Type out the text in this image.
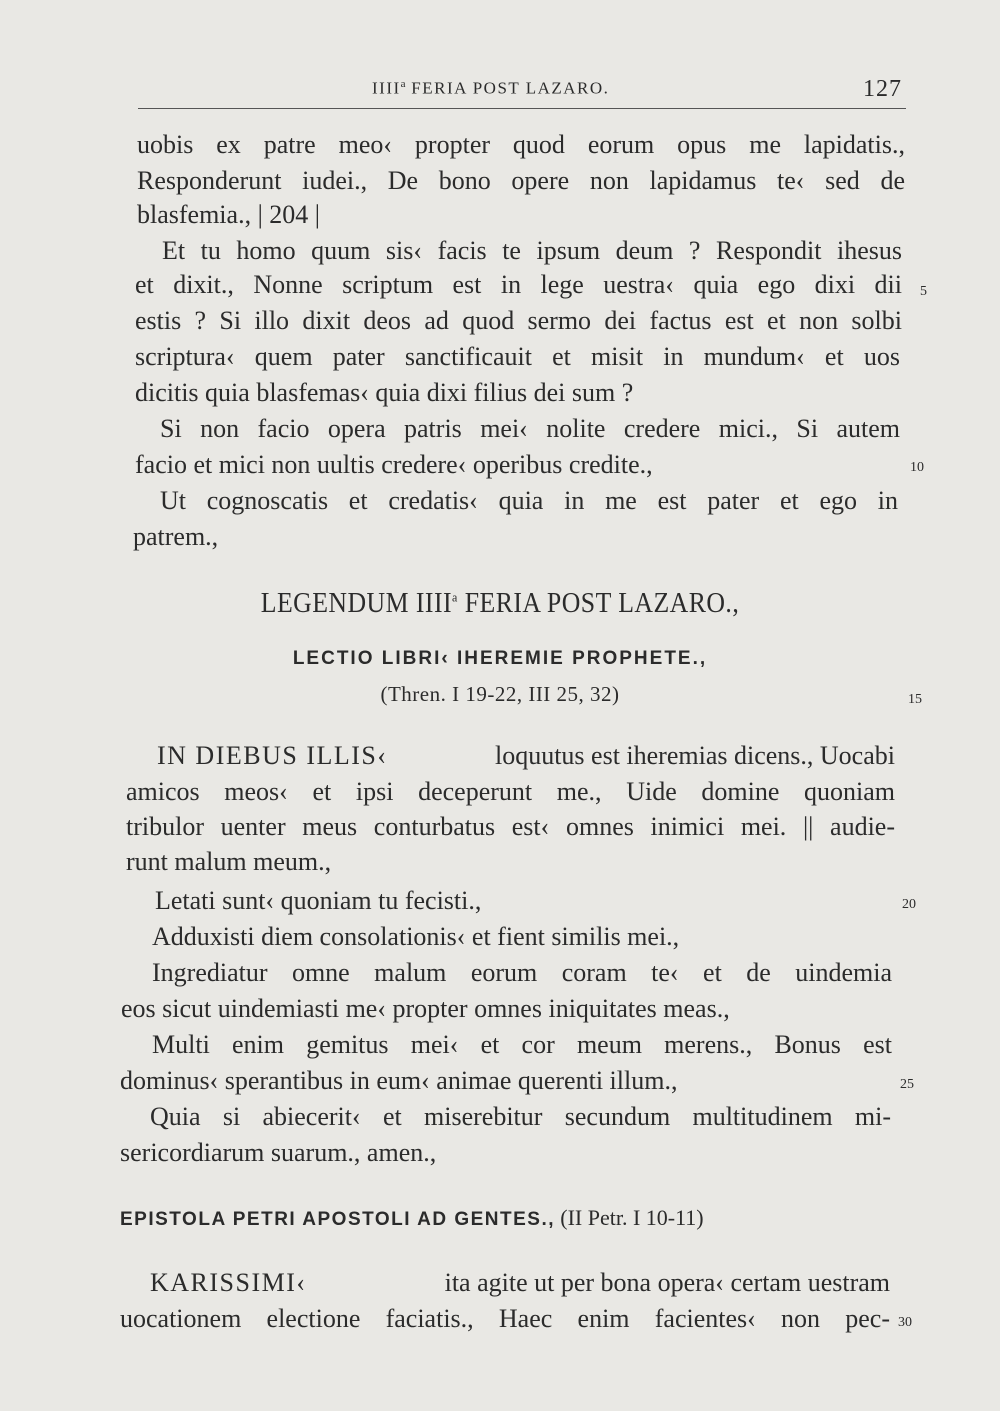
IIII$^a$ FERIA POST LAZARO.	127
uobis ex patre meo‹ propter quod eorum opus me lapidatis.,
Responderunt iudei., De bono opere non lapidamus te‹ sed de
blasfemia., | 204 |
Et tu homo quum sis‹ facis te ipsum deum ? Respondit ihesus
et dixit., Nonne scriptum est in lege uestra‹ quia ego dixi dii 5
estis ? Si illo dixit deos ad quod sermo dei factus est et non solbi
scriptura‹ quem pater sanctificauit et misit in mundum‹ et uos
dicitis quia blasfemas‹ quia dixi filius dei sum ?
Si non facio opera patris mei‹ nolite credere mici., Si autem
facio et mici non uultis credere‹ operibus credite.,	10
Ut cognoscatis et credatis‹ quia in me est pater et ego in
patrem.,
LEGENDUM IIII$^a$ FERIA POST LAZARO.,
LECTIO LIBRI‹ IHEREMIE PROPHETE.,
(Thren. I 19-22, III 25, 32)	15
IN DIEBUS ILLIS‹	loquutus est iheremias dicens., Uocabi
amicos meos‹ et ipsi deceperunt me., Uide domine quoniam
tribulor uenter meus conturbatus est‹ omnes inimici mei. || audie-
runt malum meum.,
Letati sunt‹ quoniam tu fecisti.,	20
Adduxisti diem consolationis‹ et fient similis mei.,
Ingrediatur omne malum eorum coram te‹ et de uindemia
eos sicut uindemiasti me‹ propter omnes iniquitates meas.,
Multi enim gemitus mei‹ et cor meum merens., Bonus est
dominus‹ sperantibus in eum‹ animae querenti illum.,	25
Quia si abiecerit‹ et miserebitur secundum multitudinem mi-
sericordiarum suarum., amen.,
EPISTOLA PETRI APOSTOLI AD GENTES., (II Petr. I 10-11)
KARISSIMI‹	ita agite ut per bona opera‹ certam uestram
uocationem electione faciatis., Haec enim facientes‹ non pec- 30
